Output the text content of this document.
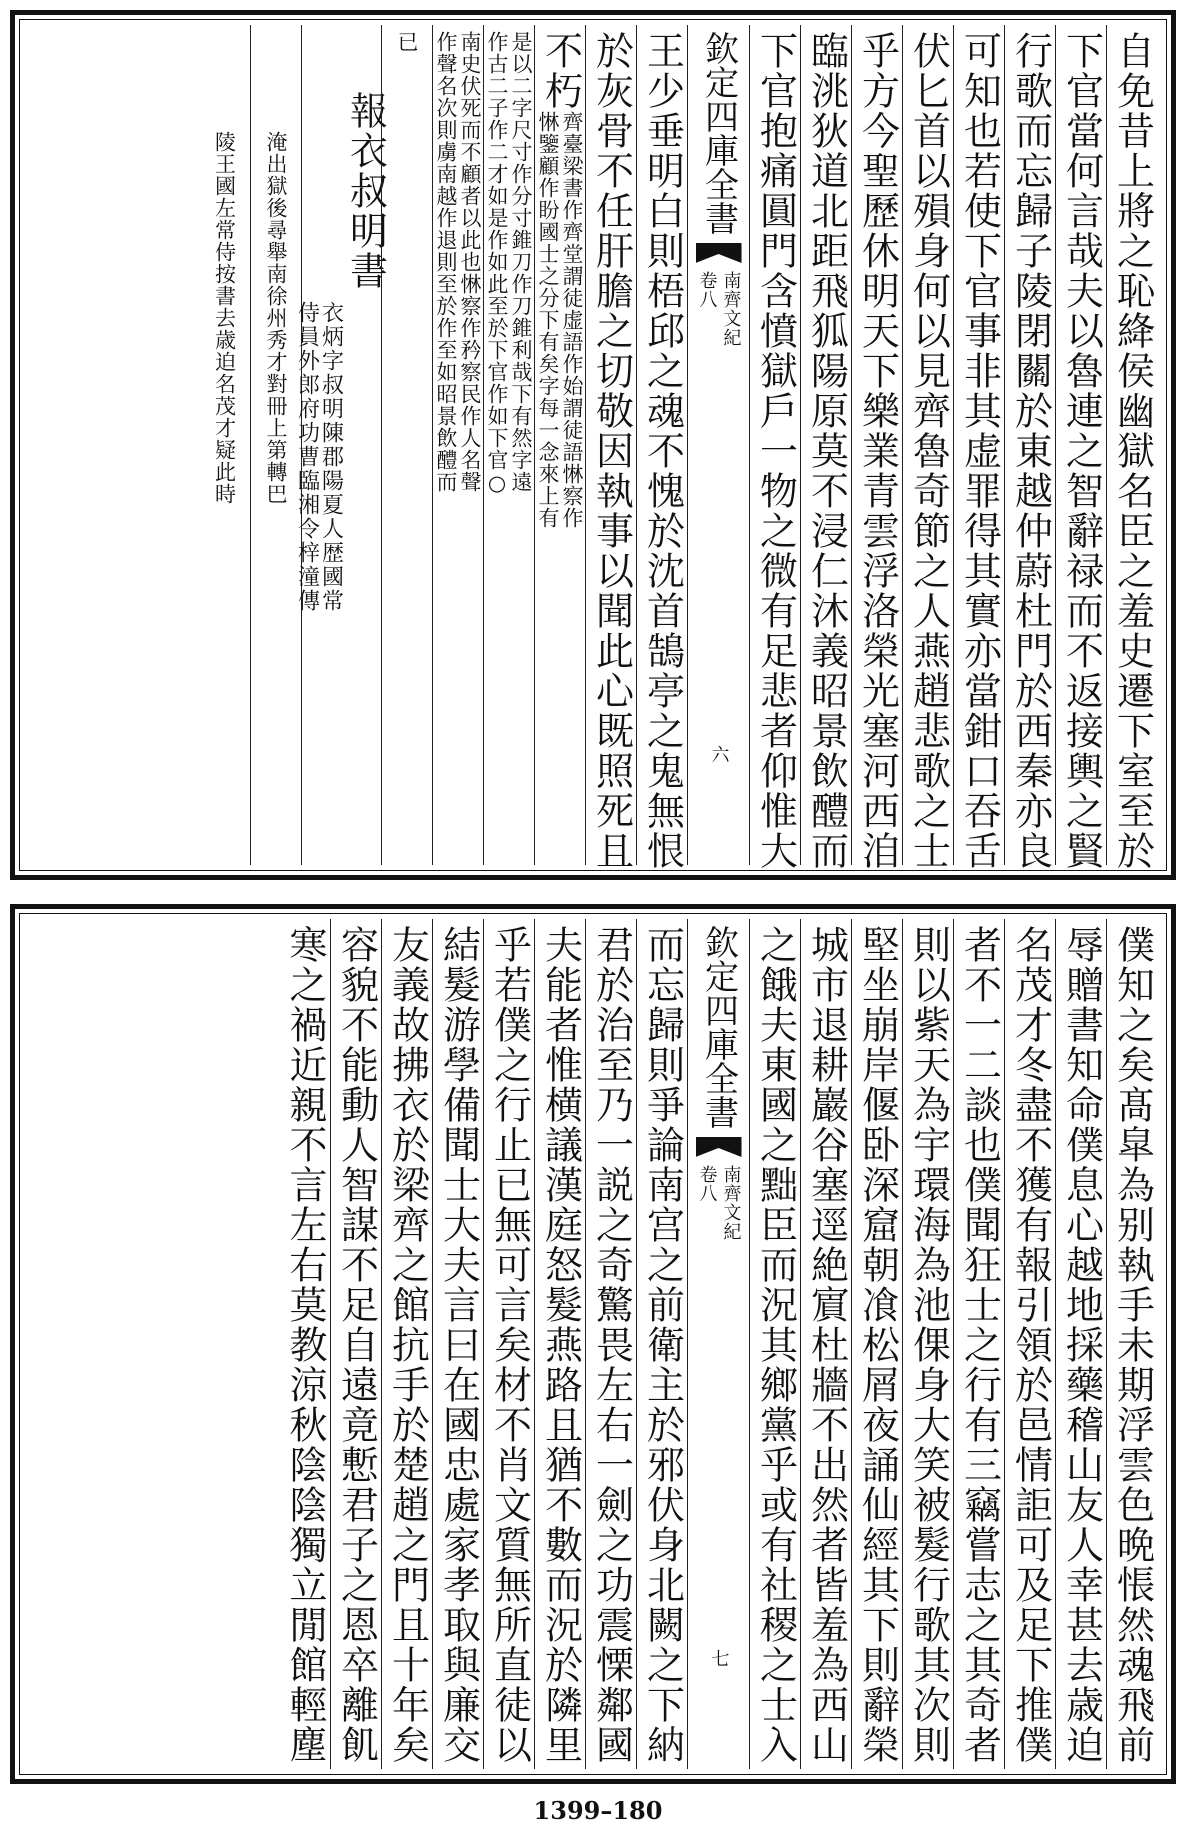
自免昔上將之恥絳侯幽獄名臣之羞史遷下室至於
下官當何言哉夫以魯連之智辭禄而不返接輿之賢
行歌而忘歸子陵閉關於東越仲蔚杜門於西秦亦良
可知也若使下官事非其虚罪得其實亦當鉗口吞舌
伏匕首以殞身何以見齊魯奇節之人燕趙悲歌之士
乎方今聖歷休明天下樂業青雲浮洛榮光塞河西洎
臨洮狄道北距飛狐陽原莫不浸仁沐義昭景飲醴而
下官抱痛圓門含憤獄戶一物之微有足悲者仰惟大
欽定四庫全書
南齊文紀
卷八
六
王少垂明白則梧邱之魂不愧於沈首鵠亭之鬼無恨
於灰骨不任肝膽之切敬因執事以聞此心既照死且
不朽
齊臺梁書作齊堂謂徒虚語作始謂徒語惏察作
惏鑒顧作盼國士之分下有矣字每一念來上有
是以二字尺寸作分寸錐刀作刀錐利哉下有然字遠
作古二子作二才如是作如此至於下官作如下官○
南史伏死而不顧者以此也惏察作矜察民作人名聲
作聲名次則虜南越作退則至於作至如昭景飲醴而
已
報衣叔明書
衣炳字叔明陳郡陽夏人歴國常
侍員外郎府功曹臨湘令梓潼傳
淹出獄後尋舉南徐州秀才對冊上第轉巴
陵王國左常侍按書去歳迫名茂才疑此時
僕知之矣髙皐為别執手未期浮雲色晩悵然魂飛前
辱贈書知命僕息心越地採藥稽山友人幸甚去歳迫
名茂才冬盡不獲有報引領於邑情詎可及足下推僕
者不一二談也僕聞狂士之行有三竊嘗志之其奇者
則以紫天為宇環海為池倮身大笑被髮行歌其次則
堅坐崩岸偃卧深窟朝飡松屑夜誦仙經其下則辭榮
城市退耕巖谷塞逕絶賔杜牆不出然者皆羞為西山
之餓夫東國之黜臣而況其鄉黨乎或有社稷之士入
欽定四庫全書
南齊文紀
卷八
七
而忘歸則爭論南宫之前衛主於邪伏身北闕之下納
君於治至乃一説之奇驚畏左右一劍之功震慄鄰國
夫能者惟横議漢庭怒髮燕路且猶不數而況於隣里
乎若僕之行止已無可言矣材不肖文質無所直徒以
結髮游學備聞士大夫言曰在國忠處家孝取與廉交
友義故拂衣於梁齊之館抗手於楚趙之門且十年矣
容貌不能動人智謀不足自遠竟慙君子之恩卒離飢
寒之禍近親不言左右莫教涼秋陰陰獨立閒館輕塵
1399–180
